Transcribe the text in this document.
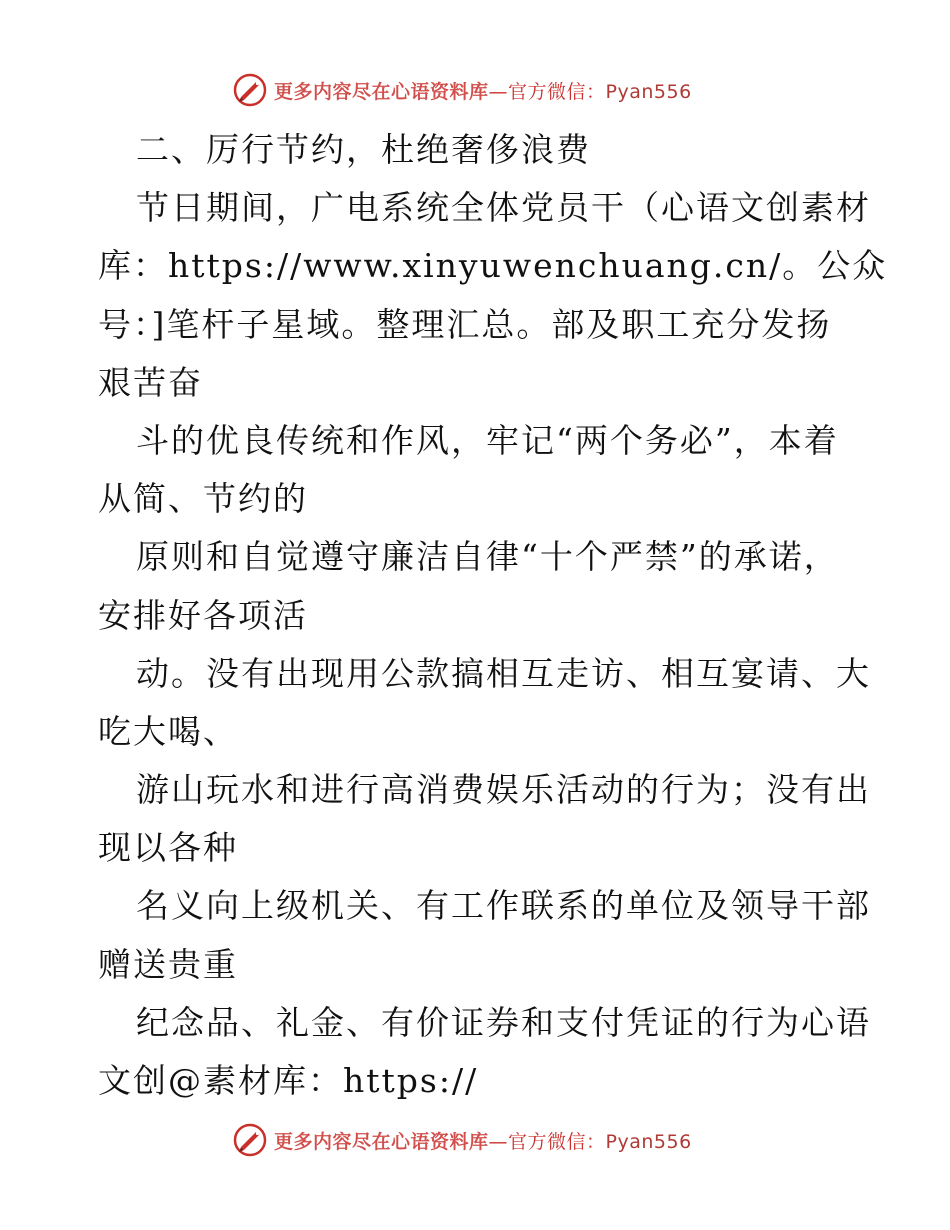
更多内容尽在心语资料库—官方微信：Pyan556
二、厉行节约，杜绝奢侈浪费
节日期间，广电系统全体党员干（心语文创素材
库：https://www.xinyuwenchuang.cn/。公众
号：]笔杆子星域。整理汇总。部及职工充分发扬
艰苦奋
斗的优良传统和作风，牢记“两个务必”，本着
从简、节约的
原则和自觉遵守廉洁自律“十个严禁”的承诺，
安排好各项活
动。没有出现用公款搞相互走访、相互宴请、大
吃大喝、
游山玩水和进行高消费娱乐活动的行为；没有出
现以各种
名义向上级机关、有工作联系的单位及领导干部
赠送贵重
纪念品、礼金、有价证券和支付凭证的行为心语
文创@素材库：https://
更多内容尽在心语资料库—官方微信：Pyan556
